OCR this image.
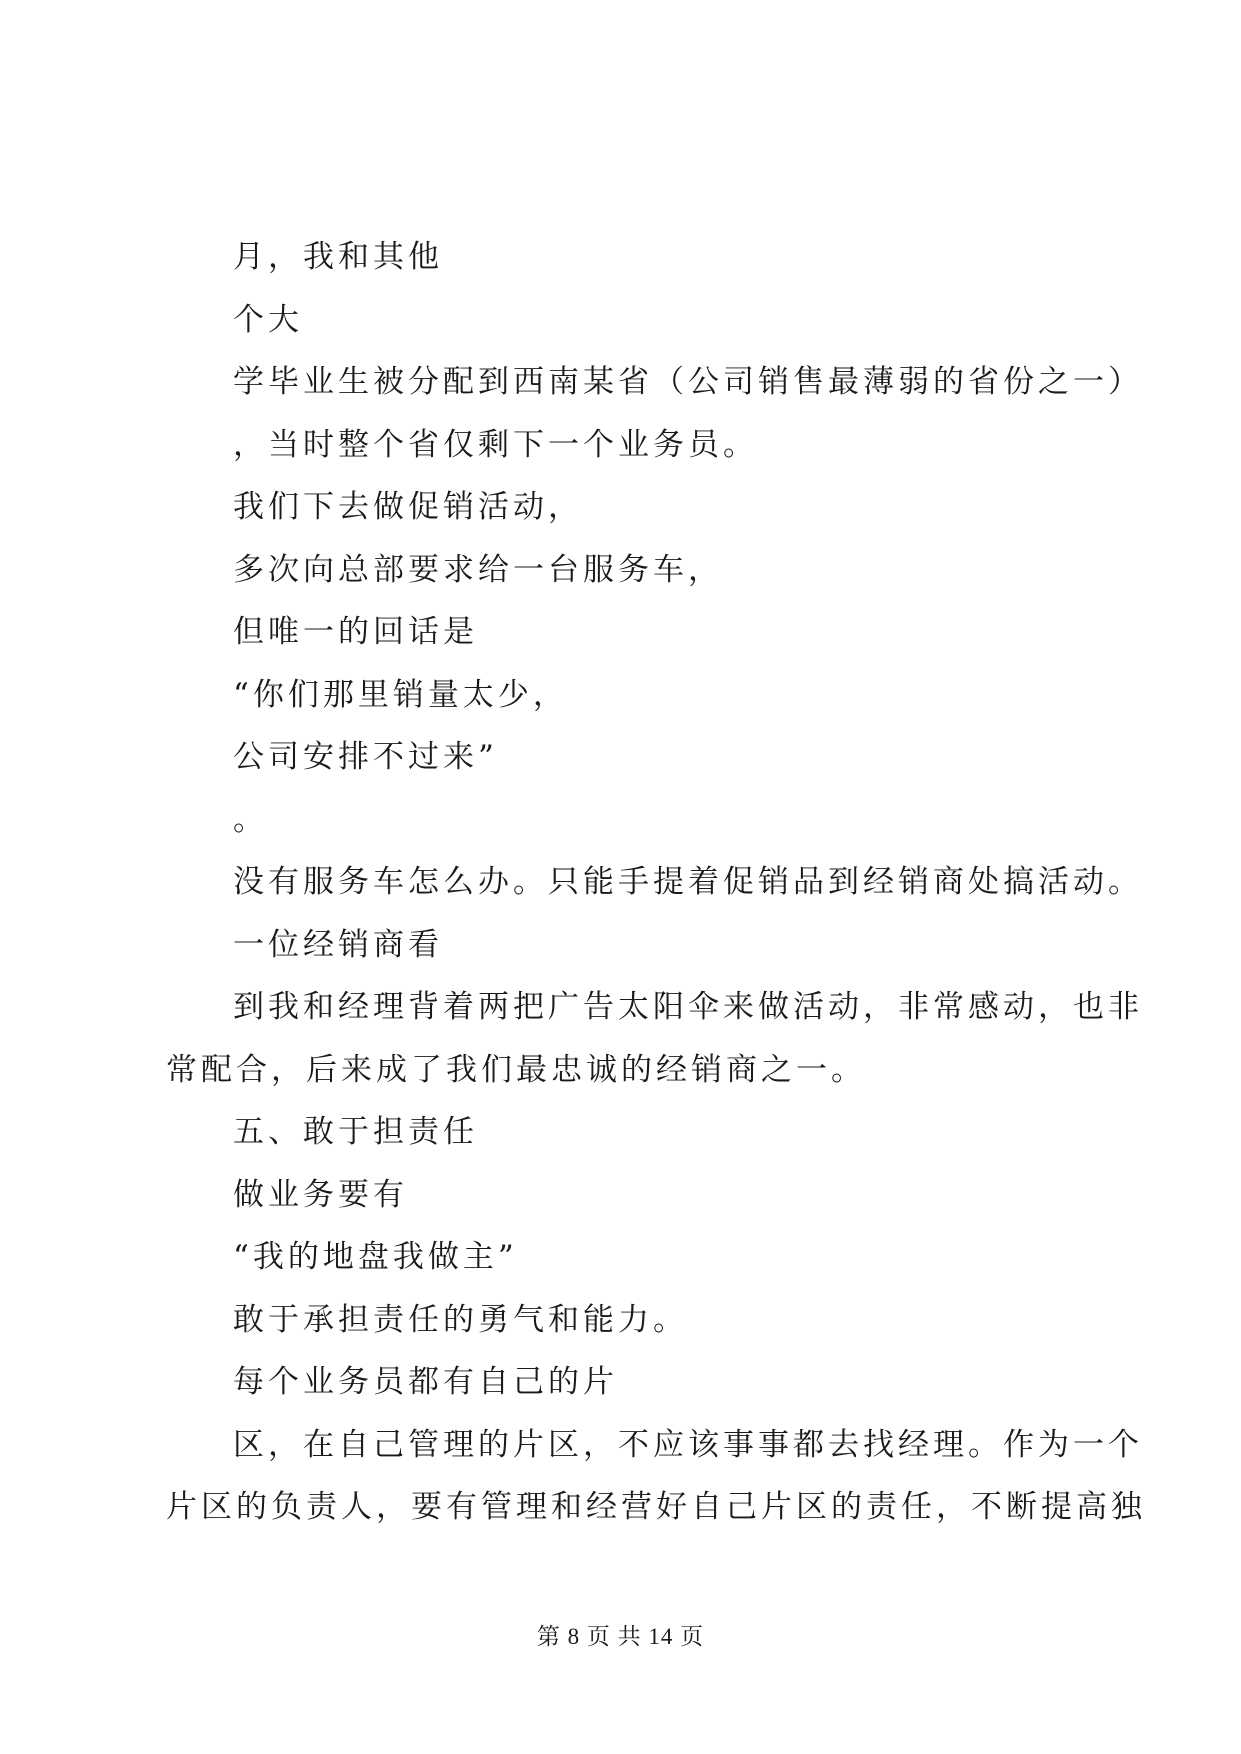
月，我和其他
个大
学毕业生被分配到西南某省（公司销售最薄弱的省份之一）
，当时整个省仅剩下一个业务员。
我们下去做促销活动，
多次向总部要求给一台服务车，
但唯一的回话是
“你们那里销量太少，
公司安排不过来”
。
没有服务车怎么办。只能手提着促销品到经销商处搞活动。
一位经销商看
到我和经理背着两把广告太阳伞来做活动，非常感动，也非
常配合，后来成了我们最忠诚的经销商之一。
五、敢于担责任
做业务要有
“我的地盘我做主”
敢于承担责任的勇气和能力。
每个业务员都有自己的片
区，在自己管理的片区，不应该事事都去找经理。作为一个
片区的负责人，要有管理和经营好自己片区的责任，不断提高独
第 8 页 共 14 页
